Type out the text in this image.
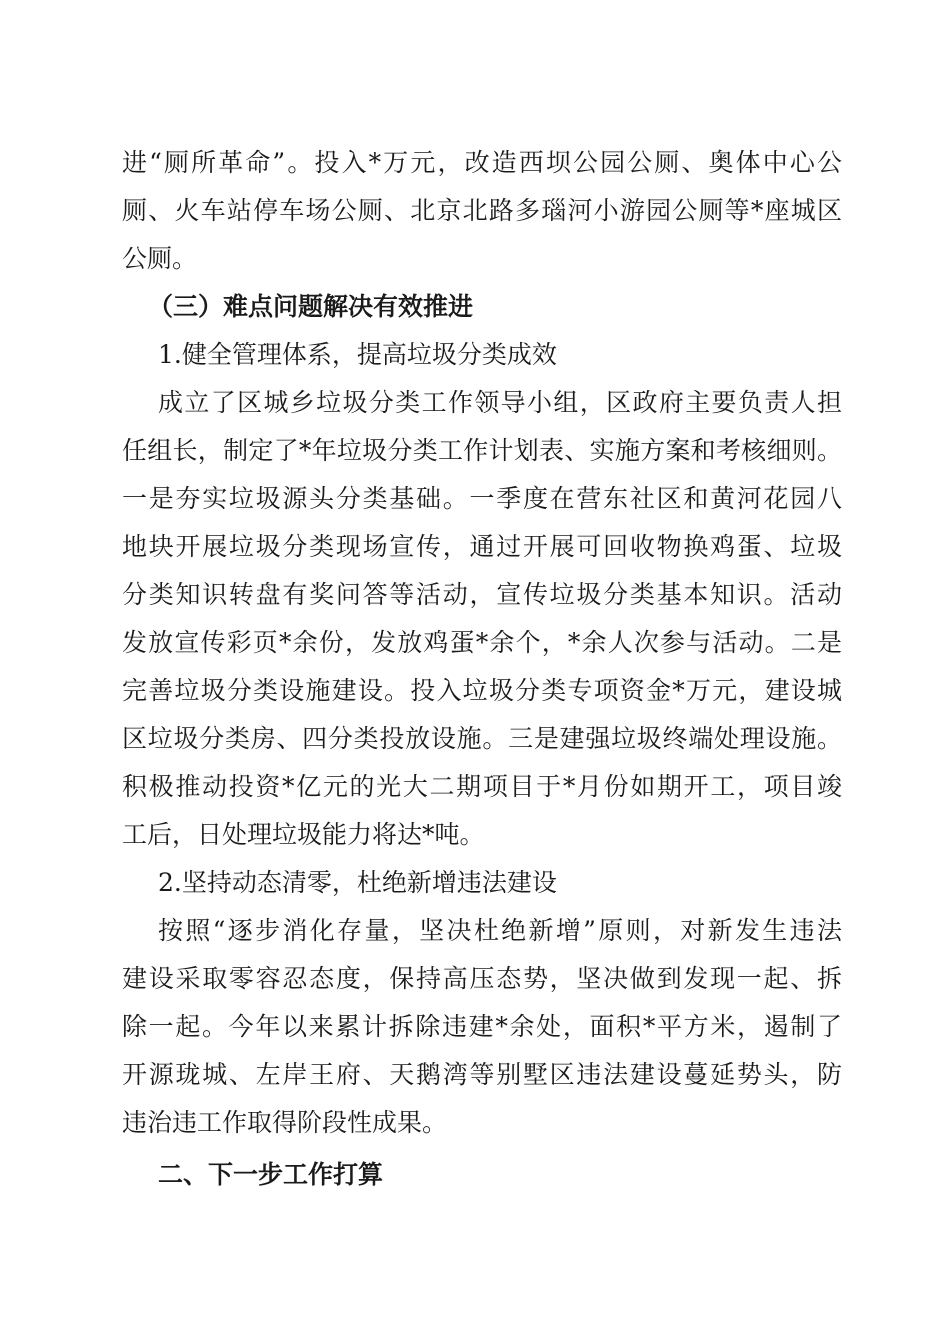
进“厕所革命”。投入*万元，改造西坝公园公厕、奥体中心公
厕、火车站停车场公厕、北京北路多瑙河小游园公厕等*座城区
公厕。
（三）难点问题解决有效推进
1.健全管理体系，提高垃圾分类成效
成立了区城乡垃圾分类工作领导小组，区政府主要负责人担
任组长，制定了*年垃圾分类工作计划表、实施方案和考核细则。
一是夯实垃圾源头分类基础。一季度在营东社区和黄河花园八
地块开展垃圾分类现场宣传，通过开展可回收物换鸡蛋、垃圾
分类知识转盘有奖问答等活动，宣传垃圾分类基本知识。活动
发放宣传彩页*余份，发放鸡蛋*余个，*余人次参与活动。二是
完善垃圾分类设施建设。投入垃圾分类专项资金*万元，建设城
区垃圾分类房、四分类投放设施。三是建强垃圾终端处理设施。
积极推动投资*亿元的光大二期项目于*月份如期开工，项目竣
工后，日处理垃圾能力将达*吨。
2.坚持动态清零，杜绝新增违法建设
按照“逐步消化存量，坚决杜绝新增”原则，对新发生违法
建设采取零容忍态度，保持高压态势，坚决做到发现一起、拆
除一起。今年以来累计拆除违建*余处，面积*平方米，遏制了
开源珑城、左岸王府、天鹅湾等别墅区违法建设蔓延势头，防
违治违工作取得阶段性成果。
二、下一步工作打算
